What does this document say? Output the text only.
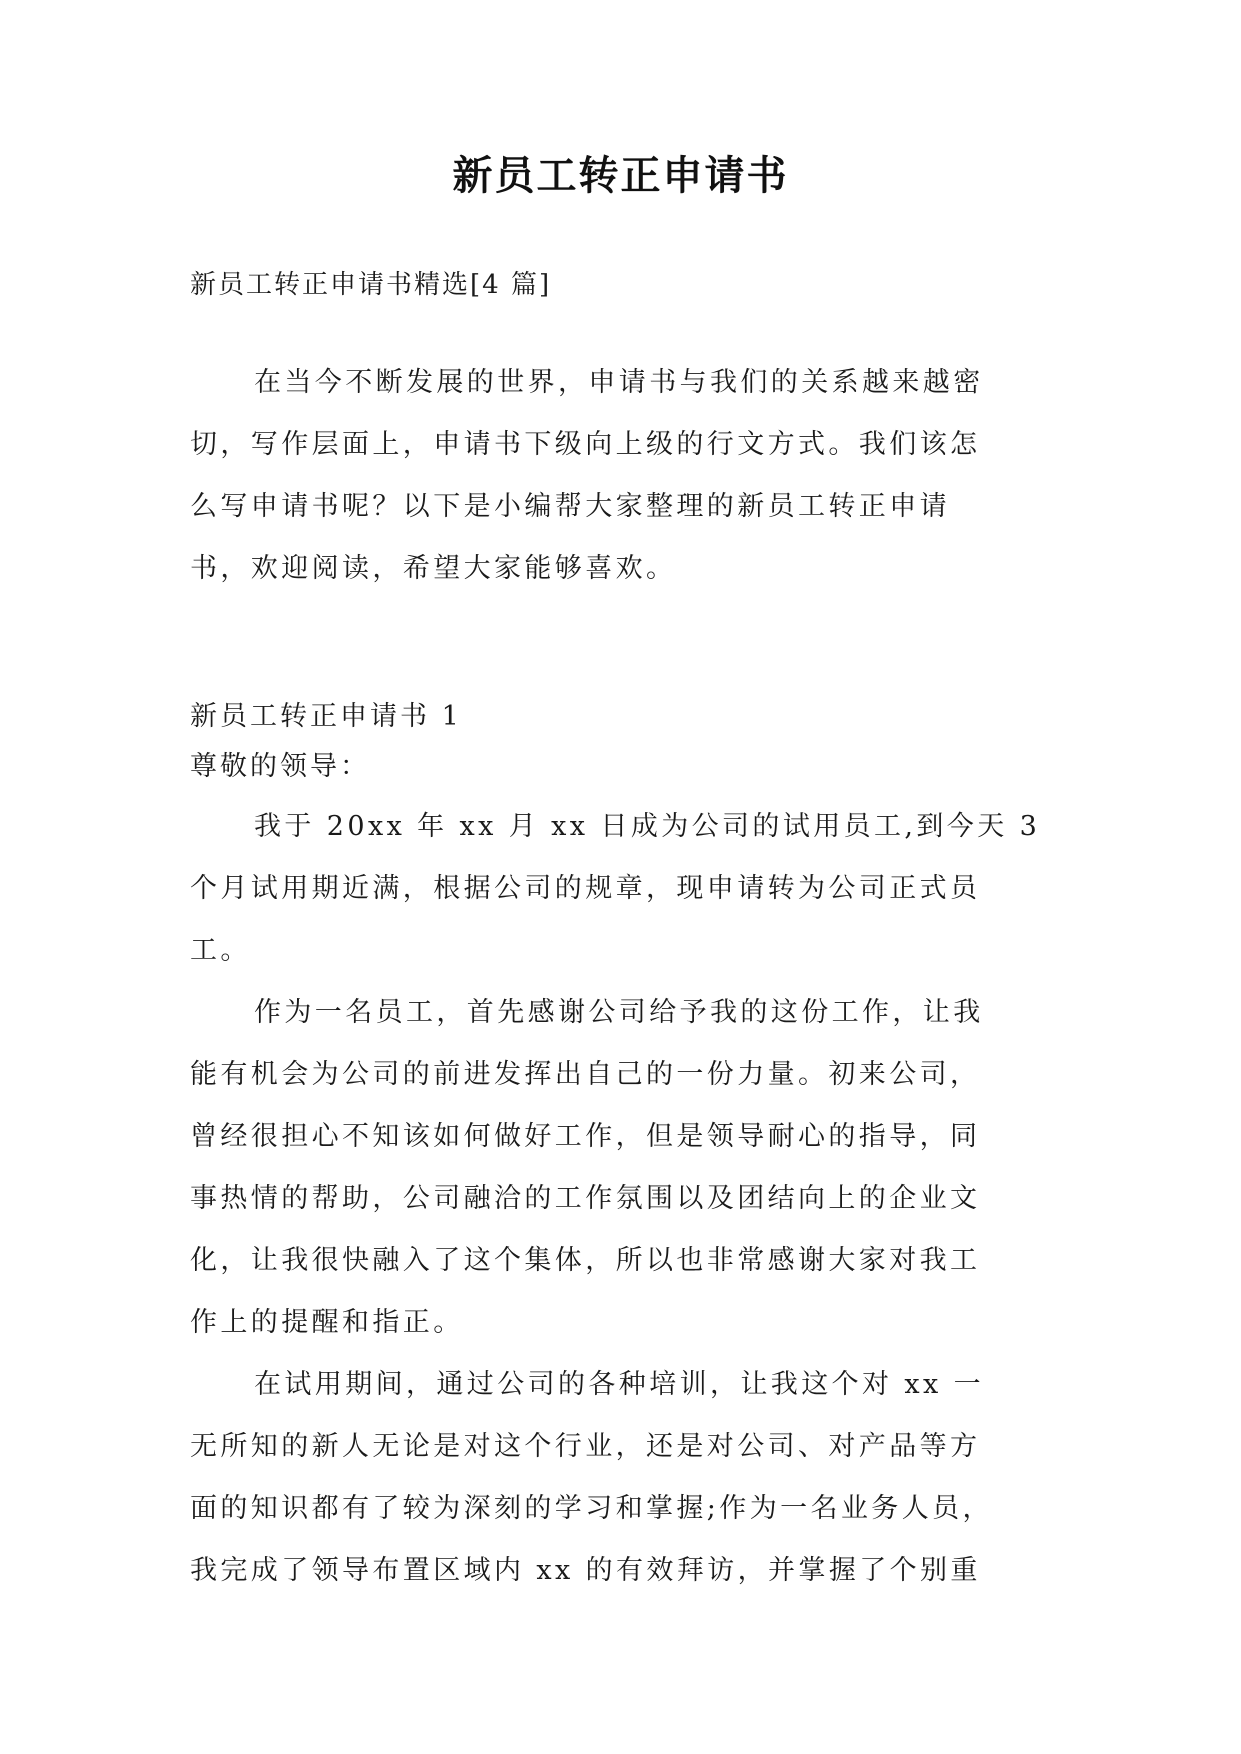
新员工转正申请书
新员工转正申请书精选[4 篇]
在当今不断发展的世界，申请书与我们的关系越来越密
切，写作层面上，申请书下级向上级的行文方式。我们该怎
么写申请书呢？以下是小编帮大家整理的新员工转正申请
书，欢迎阅读，希望大家能够喜欢。
新员工转正申请书 1
尊敬的领导：
我于 20xx 年 xx 月 xx 日成为公司的试用员工,到今天 3
个月试用期近满，根据公司的规章，现申请转为公司正式员
工。
作为一名员工，首先感谢公司给予我的这份工作，让我
能有机会为公司的前进发挥出自己的一份力量。初来公司，
曾经很担心不知该如何做好工作，但是领导耐心的指导，同
事热情的帮助，公司融洽的工作氛围以及团结向上的企业文
化，让我很快融入了这个集体，所以也非常感谢大家对我工
作上的提醒和指正。
在试用期间，通过公司的各种培训，让我这个对 xx 一
无所知的新人无论是对这个行业，还是对公司、对产品等方
面的知识都有了较为深刻的学习和掌握;作为一名业务人员，
我完成了领导布置区域内 xx 的有效拜访，并掌握了个别重
